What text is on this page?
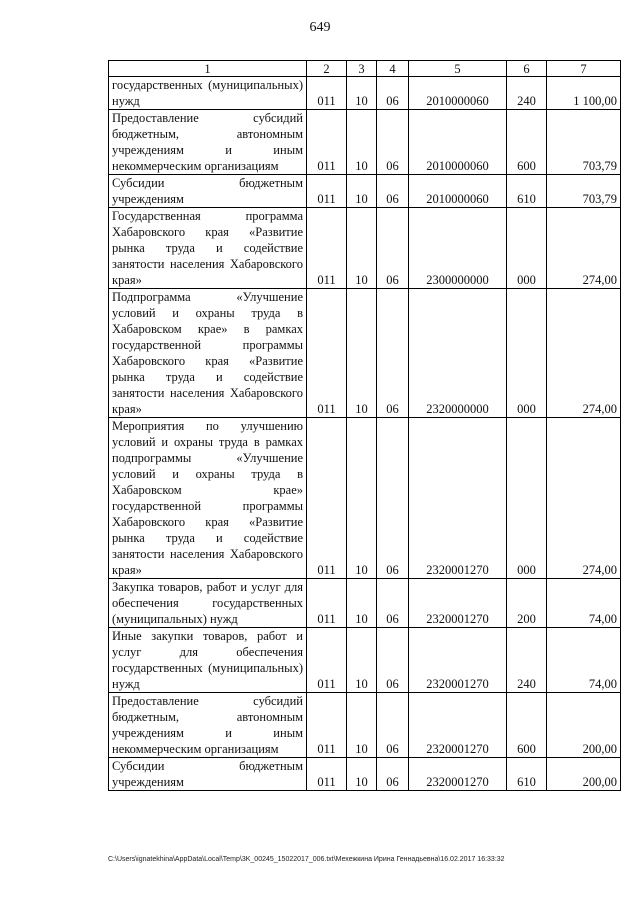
649
1	2	3	4	5	6	7
государственных (муниципальных) нужд	011	10	06	2010000060	240	1 100,00
Предоставление субсидий бюджетным, автономным учреждениям и иным некоммерческим организациям	011	10	06	2010000060	600	703,79
Субсидии бюджетным учреждениям	011	10	06	2010000060	610	703,79
Государственная программа Хабаровского края «Развитие рынка труда и содействие занятости населения Хабаровского края»	011	10	06	2300000000	000	274,00
Подпрограмма «Улучшение условий и охраны труда в Хабаровском крае» в рамках государственной программы Хабаровского края «Развитие рынка труда и содействие занятости населения Хабаровского края»	011	10	06	2320000000	000	274,00
Мероприятия по улучшению условий и охраны труда в рамках подпрограммы «Улучшение условий и охраны труда в Хабаровском крае» государственной программы Хабаровского края «Развитие рынка труда и содействие занятости населения Хабаровского края»	011	10	06	2320001270	000	274,00
Закупка товаров, работ и услуг для обеспечения государственных (муниципальных) нужд	011	10	06	2320001270	200	74,00
Иные закупки товаров, работ и услуг для обеспечения государственных (муниципальных) нужд	011	10	06	2320001270	240	74,00
Предоставление субсидий бюджетным, автономным учреждениям и иным некоммерческим организациям	011	10	06	2320001270	600	200,00
Субсидии бюджетным учреждениям	011	10	06	2320001270	610	200,00
C:\Users\ignatekhina\AppData\Local\Temp\3K_00245_15022017_006.txt\Мехежкина Ирина Геннадьевна\16.02.2017 16:33:32
